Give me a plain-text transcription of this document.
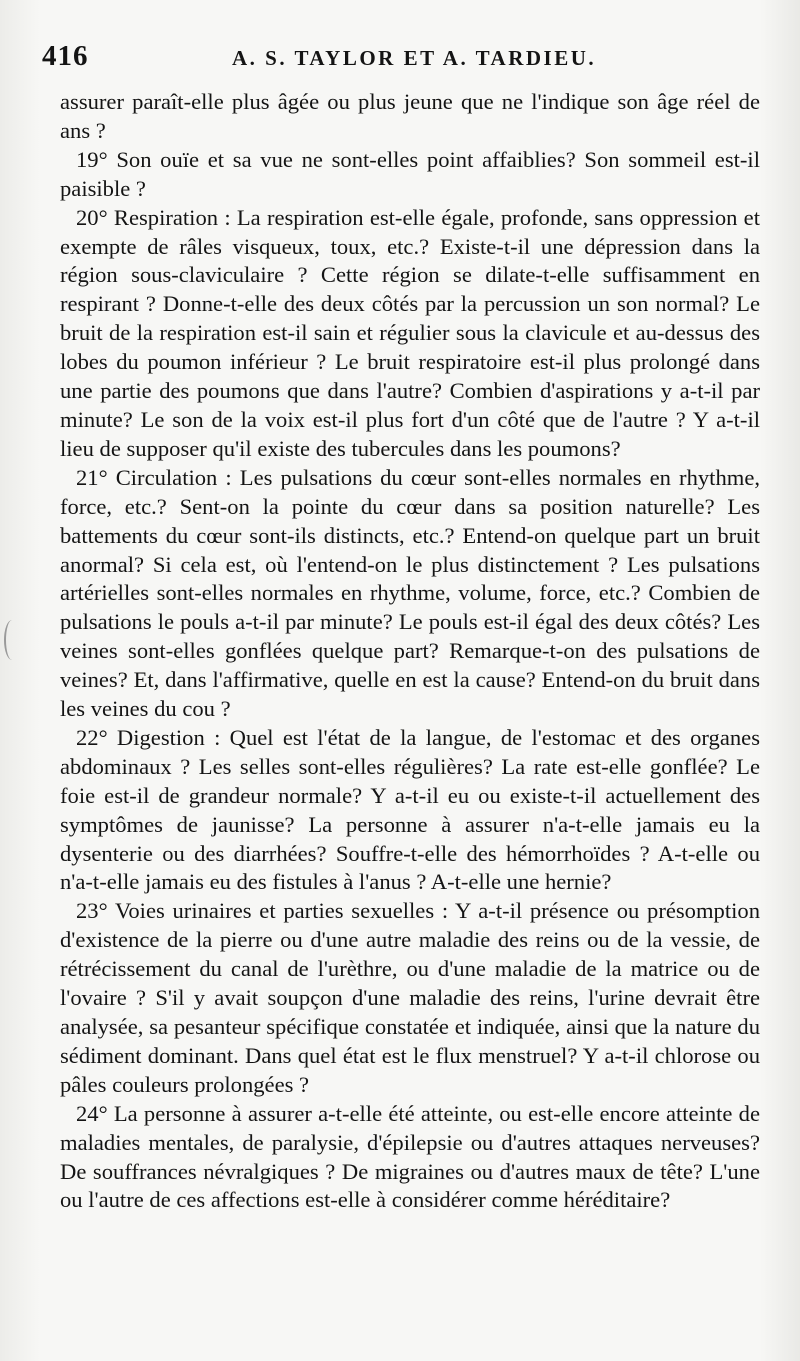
416	A. S. TAYLOR ET A. TARDIEU.

assurer paraît-elle plus âgée ou plus jeune que ne l'indique son âge réel de ans ?

19° Son ouïe et sa vue ne sont-elles point affaiblies? Son sommeil est-il paisible ?

20° Respiration : La respiration est-elle égale, profonde, sans oppression et exempte de râles visqueux, toux, etc.? Existe-t-il une dépression dans la région sous-claviculaire ? Cette région se dilate-t-elle suffisamment en respirant ? Donne-t-elle des deux côtés par la percussion un son normal? Le bruit de la respiration est-il sain et régulier sous la clavicule et au-dessus des lobes du poumon inférieur ? Le bruit respiratoire est-il plus prolongé dans une partie des poumons que dans l'autre? Combien d'aspirations y a-t-il par minute? Le son de la voix est-il plus fort d'un côté que de l'autre ? Y a-t-il lieu de supposer qu'il existe des tubercules dans les poumons?

21° Circulation : Les pulsations du cœur sont-elles normales en rhythme, force, etc.? Sent-on la pointe du cœur dans sa position naturelle? Les battements du cœur sont-ils distincts, etc.? Entend-on quelque part un bruit anormal? Si cela est, où l'entend-on le plus distinctement ? Les pulsations artérielles sont-elles normales en rhythme, volume, force, etc.? Combien de pulsations le pouls a-t-il par minute? Le pouls est-il égal des deux côtés? Les veines sont-elles gonflées quelque part? Remarque-t-on des pulsations de veines? Et, dans l'affirmative, quelle en est la cause? Entend-on du bruit dans les veines du cou ?

22° Digestion : Quel est l'état de la langue, de l'estomac et des organes abdominaux ? Les selles sont-elles régulières? La rate est-elle gonflée? Le foie est-il de grandeur normale? Y a-t-il eu ou existe-t-il actuellement des symptômes de jaunisse? La personne à assurer n'a-t-elle jamais eu la dysenterie ou des diarrhées? Souffre-t-elle des hémorrhoïdes ? A-t-elle ou n'a-t-elle jamais eu des fistules à l'anus ? A-t-elle une hernie?

23° Voies urinaires et parties sexuelles : Y a-t-il présence ou présomption d'existence de la pierre ou d'une autre maladie des reins ou de la vessie, de rétrécissement du canal de l'urèthre, ou d'une maladie de la matrice ou de l'ovaire ? S'il y avait soupçon d'une maladie des reins, l'urine devrait être analysée, sa pesanteur spécifique constatée et indiquée, ainsi que la nature du sédiment dominant. Dans quel état est le flux menstruel? Y a-t-il chlorose ou pâles couleurs prolongées ?

24° La personne à assurer a-t-elle été atteinte, ou est-elle encore atteinte de maladies mentales, de paralysie, d'épilepsie ou d'autres attaques nerveuses? De souffrances névralgiques ? De migraines ou d'autres maux de tête? L'une ou l'autre de ces affections est-elle à considérer comme héréditaire?
